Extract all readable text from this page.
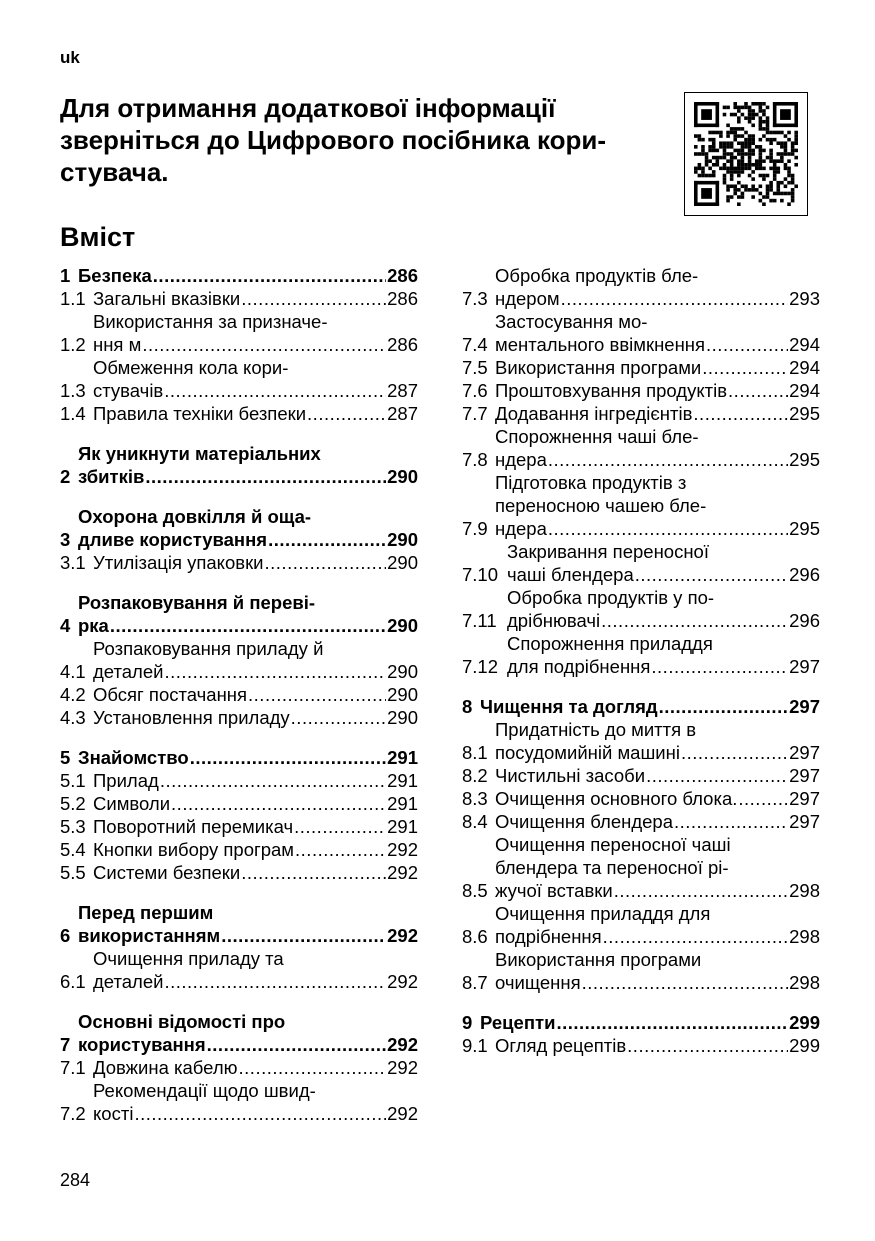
uk
Для отримання додаткової інформації
зверніться до Цифрового посібника кори-
стувача.
Вміст
1 Безпека .....	286
1.1 Загальні вказівки .....	286
1.2
Використання за призначе-
ння м .....	286
1.3
Обмеження кола кори-
стувачів .....	287
1.4 Правила техніки безпеки .....	287
2
Як уникнути матеріальних
збитків .....	290
3
Охорона довкілля й оща-
дливе користування .....	290
3.1 Утилізація упаковки .....	290
4
Розпаковування й переві-
рка .....	290
4.1
Розпаковування приладу й
деталей .....	290
4.2 Обсяг постачання .....	290
4.3 Установлення приладу .....	290
5 Знайомство .....	291
5.1 Прилад .....	291
5.2 Символи .....	291
5.3 Поворотний перемикач .....	291
5.4 Кнопки вибору програм .....	292
5.5 Системи безпеки .....	292
6
Перед першим
використанням .....	292
6.1
Очищення приладу та
деталей .....	292
7
Основні відомості про
користування .....	292
7.1 Довжина кабелю .....	292
7.2
Рекомендації щодо швид-
кості .....	292
7.3
Обробка продуктів бле-
ндером .....	293
7.4
Застосування мо-
ментального ввімкнення .....	294
7.5 Використання програми .....	294
7.6 Проштовхування продуктів .....	294
7.7 Додавання інгредієнтів .....	295
7.8
Спорожнення чаші бле-
ндера .....	295
7.9
Підготовка продуктів з
переносною чашею бле-
ндера .....	295
7.10
Закривання переносної
чаші блендера .....	296
7.11
Обробка продуктів у по-
дрібнювачі .....	296
7.12
Спорожнення приладдя
для подрібнення .....	297
8 Чищення та догляд .....	297
8.1
Придатність до миття в
посудомийній машині .....	297
8.2 Чистильні засоби .....	297
8.3 Очищення основного блока. .....	297
8.4 Очищення блендера .....	297
8.5
Очищення переносної чаші
блендера та переносної рі-
жучої вставки .....	298
8.6
Очищення приладдя для
подрібнення .....	298
8.7
Використання програми
очищення .....	298
9 Рецепти .....	299
9.1 Огляд рецептів .....	299
284
